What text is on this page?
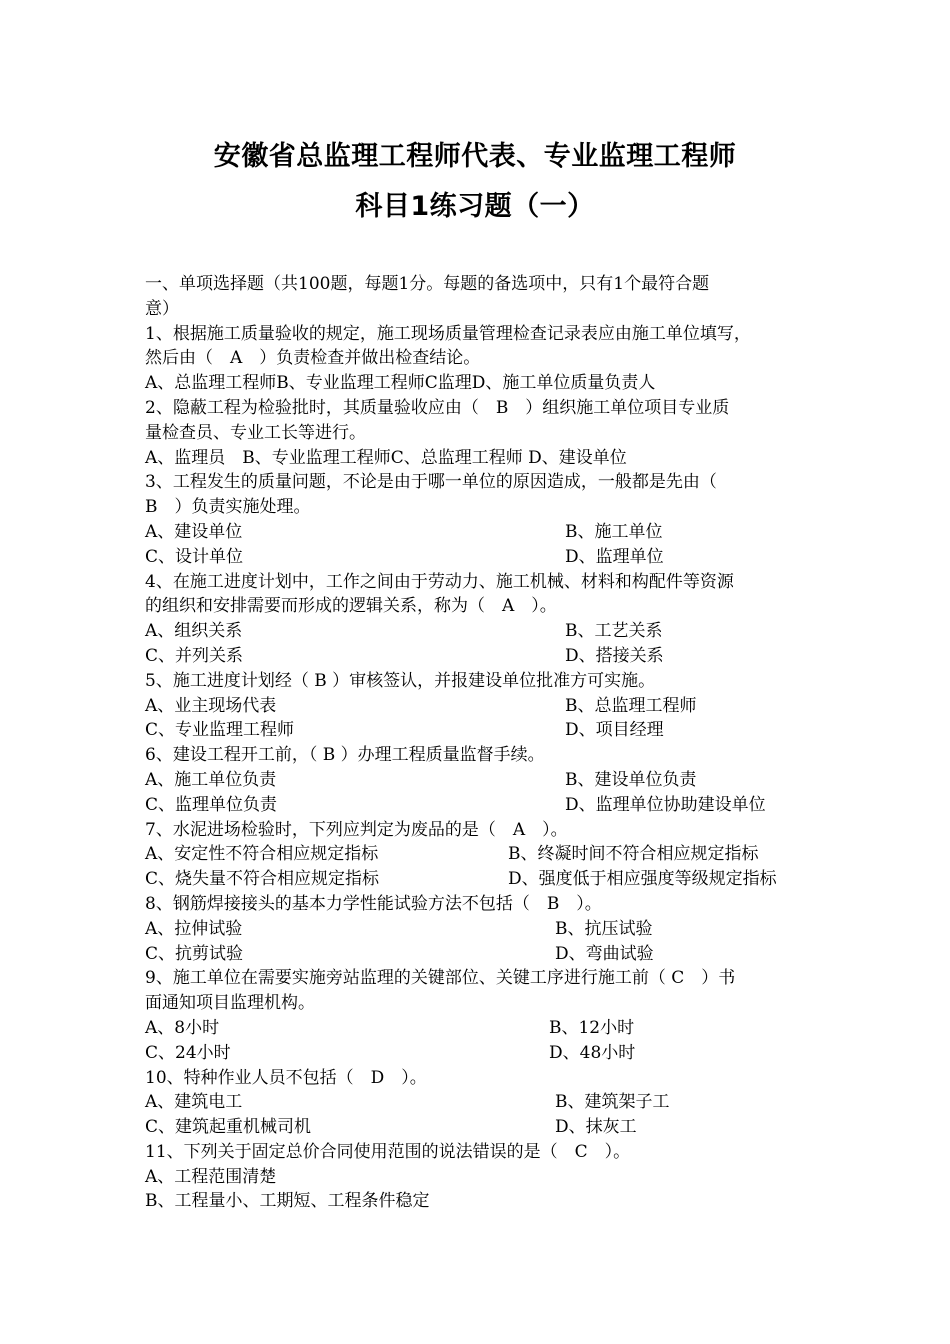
安徽省总监理工程师代表、专业监理工程师
科目1练习题（一）
一、单项选择题（共100题，每题1分。每题的备选项中，只有1个最符合题
意）
1、根据施工质量验收的规定，施工现场质量管理检查记录表应由施工单位填写，
然后由（　A　）负责检查并做出检查结论。
A、总监理工程师B、专业监理工程师C监理D、施工单位质量负责人
2、隐蔽工程为检验批时，其质量验收应由（　B　）组织施工单位项目专业质
量检查员、专业工长等进行。
A、监理员　B、专业监理工程师C、总监理工程师 D、建设单位
3、工程发生的质量问题，不论是由于哪一单位的原因造成，一般都是先由（
B　）负责实施处理。
A、建设单位	B、施工单位
C、设计单位	D、监理单位
4、在施工进度计划中，工作之间由于劳动力、施工机械、材料和构配件等资源
的组织和安排需要而形成的逻辑关系，称为（　A　）。
A、组织关系	B、工艺关系
C、并列关系	D、搭接关系
5、施工进度计划经（ B ）审核签认，并报建设单位批准方可实施。
A、业主现场代表	B、总监理工程师
C、专业监理工程师	D、项目经理
6、建设工程开工前，（ B ）办理工程质量监督手续。
A、施工单位负责	B、建设单位负责
C、监理单位负责	D、监理单位协助建设单位
7、水泥进场检验时，下列应判定为废品的是（　A　）。
A、安定性不符合相应规定指标	B、终凝时间不符合相应规定指标
C、烧失量不符合相应规定指标	D、强度低于相应强度等级规定指标
8、钢筋焊接接头的基本力学性能试验方法不包括（　B　）。
A、拉伸试验	B、抗压试验
C、抗剪试验	D、弯曲试验
9、施工单位在需要实施旁站监理的关键部位、关键工序进行施工前（ C　）书
面通知项目监理机构。
A、8小时	B、12小时
C、24小时	D、48小时
10、特种作业人员不包括（　D　）。
A、建筑电工	B、建筑架子工
C、建筑起重机械司机	D、抹灰工
11、下列关于固定总价合同使用范围的说法错误的是（　C　）。
A、工程范围清楚
B、工程量小、工期短、工程条件稳定
